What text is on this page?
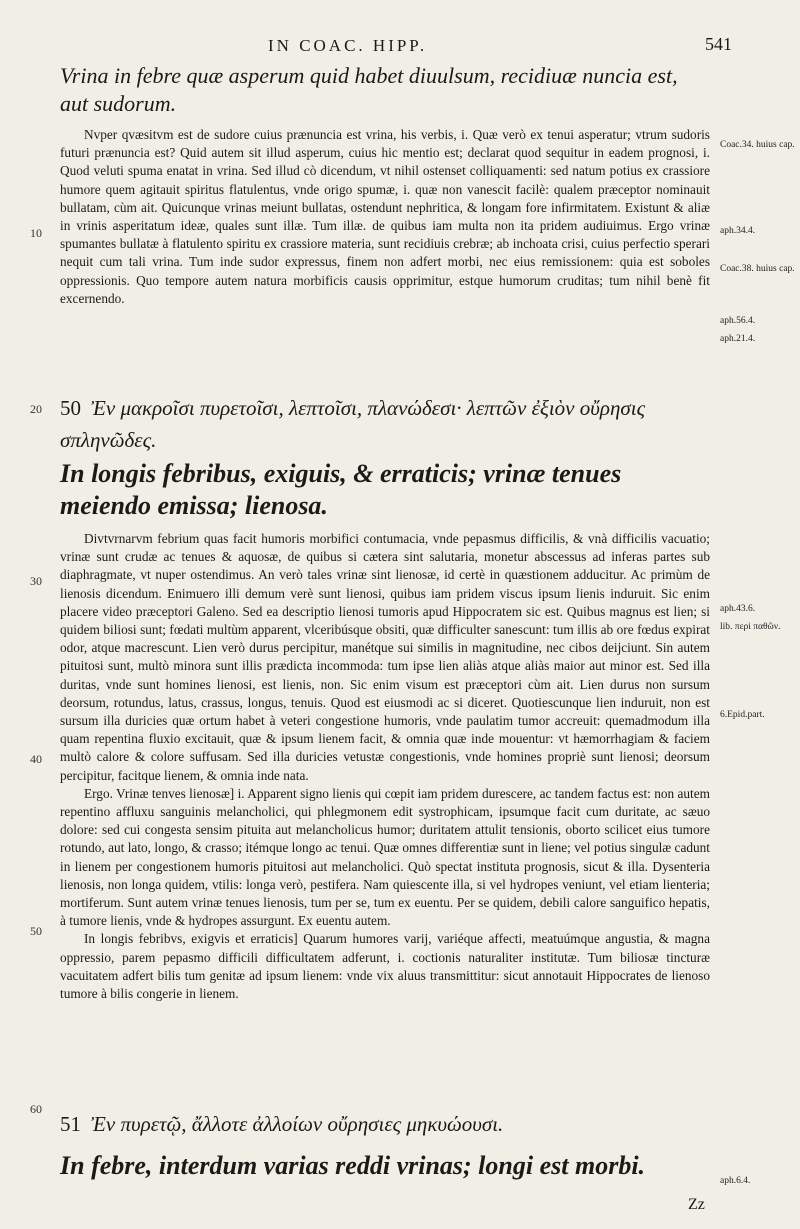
IN COAC. HIPP.	541
Vrina in febre quæ asperum quid habet diuulsum, recidiuæ nuncia est, aut sudorum.

Nvper qvæsitvm est de sudore cuius prænuncia est vrina, his verbis, i. Quæ verò ex tenui asperatur; vtrum sudoris futuri prænuncia est? Quid autem sit illud asperum, cuius hic mentio est; declarat quod sequitur in eadem prognosi, i. Quod veluti spuma enatat in vrina. Sed illud cò dicendum, vt nihil ostenset colliquamenti: sed natum potius ex crassiore humore quem agitauit spiritus flatulentus, vnde origo spumæ, i. quæ non vanescit facilè: qualem præceptor nominauit bullatam, cùm ait. Quicunque vrinas meiunt bullatas, ostendunt nephritica, & longam fore infirmitatem. Existunt & aliæ in vrinis asperitatum ideæ, quales sunt illæ. Tum illæ. de quibus iam multa non ita pridem audiuimus. Ergo vrinæ spumantes bullatæ à flatulento spiritu ex crassiore materia, sunt recidiuis crebræ; ab inchoata crisi, cuius perfectio sperari nequit cum tali vrina. Tum inde sudor expressus, finem non adfert morbi, nec eius remissionem: quia est soboles oppressionis. Quo tempore autem natura morbificis causis opprimitur, estque humorum cruditas; tum nihil benè fit excernendo.

50 Ἐν μακροῖσι πυρετοῖσι, λεπτοῖσι, πλανώδεσι· λεπτῶν ἐξιὸν οὔρησις σπληνῶδες.
In longis febribus, exiguis, & erraticis; vrinæ tenues meiendo emissa; lienosa.

Divtvrnarvm febrium quas facit humoris morbifici contumacia, vnde pepasmus difficilis, & vnà difficilis vacuatio; vrinæ sunt crudæ ac tenues & aquosæ, de quibus si cætera sint salutaria, monetur abscessus ad inferas partes sub diaphragmate, vt nuper ostendimus. An verò tales vrinæ sint lienosæ, id certè in quæstionem adducitur. Ac primùm de lienosis dicendum. Enimuero illi demum verè sunt lienosi, quibus iam pridem viscus ipsum lienis induruit. Sic enim placere video præceptori Galeno. Sed ea descriptio lienosi tumoris apud Hippocratem sic est. Quibus magnus est lien; si quidem biliosi sunt; fœdati multùm apparent, vlceribúsque obsiti, quæ difficulter sanescunt: tum illis ab ore fœdus expirat odor, atque macrescunt. Lien verò durus percipitur, manétque sui similis in magnitudine, nec cibos deijciunt. Sin autem pituitosi sunt, multò minora sunt illis prædicta incommoda: tum ipse lien aliàs atque aliàs maior aut minor est. Sed illa duritas, vnde sunt homines lienosi, est lienis, non. Sic enim visum est præceptori cùm ait. Lien durus non sursum deorsum, rotundus, latus, crassus, longus, tenuis. Quod est eiusmodi ac si diceret. Quotiescunque lien induruit, non est sursum illa duricies quæ ortum habet à veteri congestione humoris, vnde paulatim tumor accreuit: quemadmodum illa quam repentina fluxio excitauit, quæ & ipsum lienem facit, & omnia quæ inde mouentur: vt hæmorrhagiam & faciem multò calore & colore suffusam. Sed illa duricies vetustæ congestionis, vnde homines propriè sunt lienosi; deorsum percipitur, facitque lienem, & omnia inde nata.

Ergo. Vrinæ tenves lienosæ] i. Apparent signo lienis qui cœpit iam pridem durescere, ac tandem factus est: non autem repentino affluxu sanguinis melancholici, qui phlegmonem edit systrophicam, ipsumque facit cum duritate, ac sæuo dolore: sed cui congesta sensim pituita aut melancholicus humor; duritatem attulit tensionis, oborto scilicet eius tumore rotundo, aut lato, longo, & crasso; itémque longo ac tenui. Quæ omnes differentiæ sunt in liene; vel potius singulæ cadunt in lienem per congestionem humoris pituitosi aut melancholici. Quò spectat instituta prognosis, sicut & illa. Dysenteria lienosis, non longa quidem, vtilis: longa verò, pestifera. Nam quiescente illa, si vel hydropes veniunt, vel etiam lienteria; mortiferum. Sunt autem vrinæ tenues lienosis, tum per se, tum ex euentu. Per se quidem, debili calore sanguifico hepatis, à tumore lienis, vnde & hydropes assurgunt. Ex euentu autem.

In longis febribvs, exigvis et erraticis] Quarum humores varij, variéque affecti, meatuúmque angustia, & magna oppressio, parem pepasmo difficili difficultatem adferunt, i. coctionis naturaliter institutæ. Tum biliosæ tincturæ vacuitatem adfert bilis tum genitæ ad ipsum lienem: vnde vix aluus transmittitur: sicut annotauit Hippocrates de lienoso tumore à bilis congerie in lienem.

51 Ἐν πυρετῷ, ἄλλοτε ἀλλοίων οὔρησιες μηκυώουσι.
In febre, interdum varias reddi vrinas; longi est morbi.
10
20
30
40
50
60
Coac.34. huius cap.
aph.34.4.
Coac.38. huius cap.
aph.56.4.
aph.21.4.
aph.43.6.
lib. περὶ παθῶν.
6.Epid.part.
aph.6.4.
Zz
